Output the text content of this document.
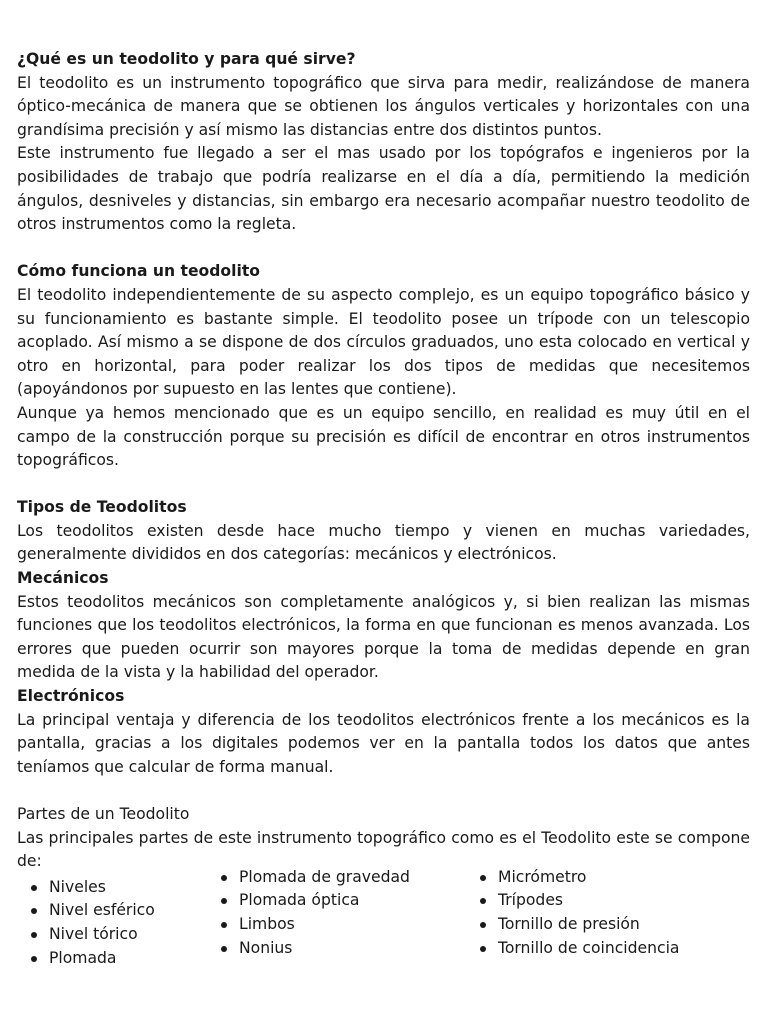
¿Qué es un teodolito y para qué sirve?

El teodolito es un instrumento topográfico que sirva para medir, realizándose de manera óptico-mecánica de manera que se obtienen los ángulos verticales y horizontales con una grandísima precisión y así mismo las distancias entre dos distintos puntos.

Este instrumento fue llegado a ser el mas usado por los topógrafos e ingenieros por la posibilidades de trabajo que podría realizarse en el día a día, permitiendo la medición ángulos, desniveles y distancias, sin embargo era necesario acompañar nuestro teodolito de otros instrumentos como la regleta.

Cómo funciona un teodolito

El teodolito independientemente de su aspecto complejo, es un equipo topográfico básico y su funcionamiento es bastante simple. El teodolito posee un trípode con un telescopio acoplado. Así mismo a se dispone de dos círculos graduados, uno esta colocado en vertical y otro en horizontal, para poder realizar los dos tipos de medidas que necesitemos (apoyándonos por supuesto en las lentes que contiene).

Aunque ya hemos mencionado que es un equipo sencillo, en realidad es muy útil en el campo de la construcción porque su precisión es difícil de encontrar en otros instrumentos topográficos.

Tipos de Teodolitos

Los teodolitos existen desde hace mucho tiempo y vienen en muchas variedades, generalmente divididos en dos categorías: mecánicos y electrónicos.

Mecánicos

Estos teodolitos mecánicos son completamente analógicos y, si bien realizan las mismas funciones que los teodolitos electrónicos, la forma en que funcionan es menos avanzada. Los errores que pueden ocurrir son mayores porque la toma de medidas depende en gran medida de la vista y la habilidad del operador.

Electrónicos

La principal ventaja y diferencia de los teodolitos electrónicos frente a los mecánicos es la pantalla, gracias a los digitales podemos ver en la pantalla todos los datos que antes teníamos que calcular de forma manual.

Partes de un Teodolito

Las principales partes de este instrumento topográfico como es el Teodolito este se compone de:

Niveles
Nivel esférico
Nivel tórico
Plomada
Plomada de gravedad
Plomada óptica
Limbos
Nonius
Micrómetro
Trípodes
Tornillo de presión
Tornillo de coincidencia
